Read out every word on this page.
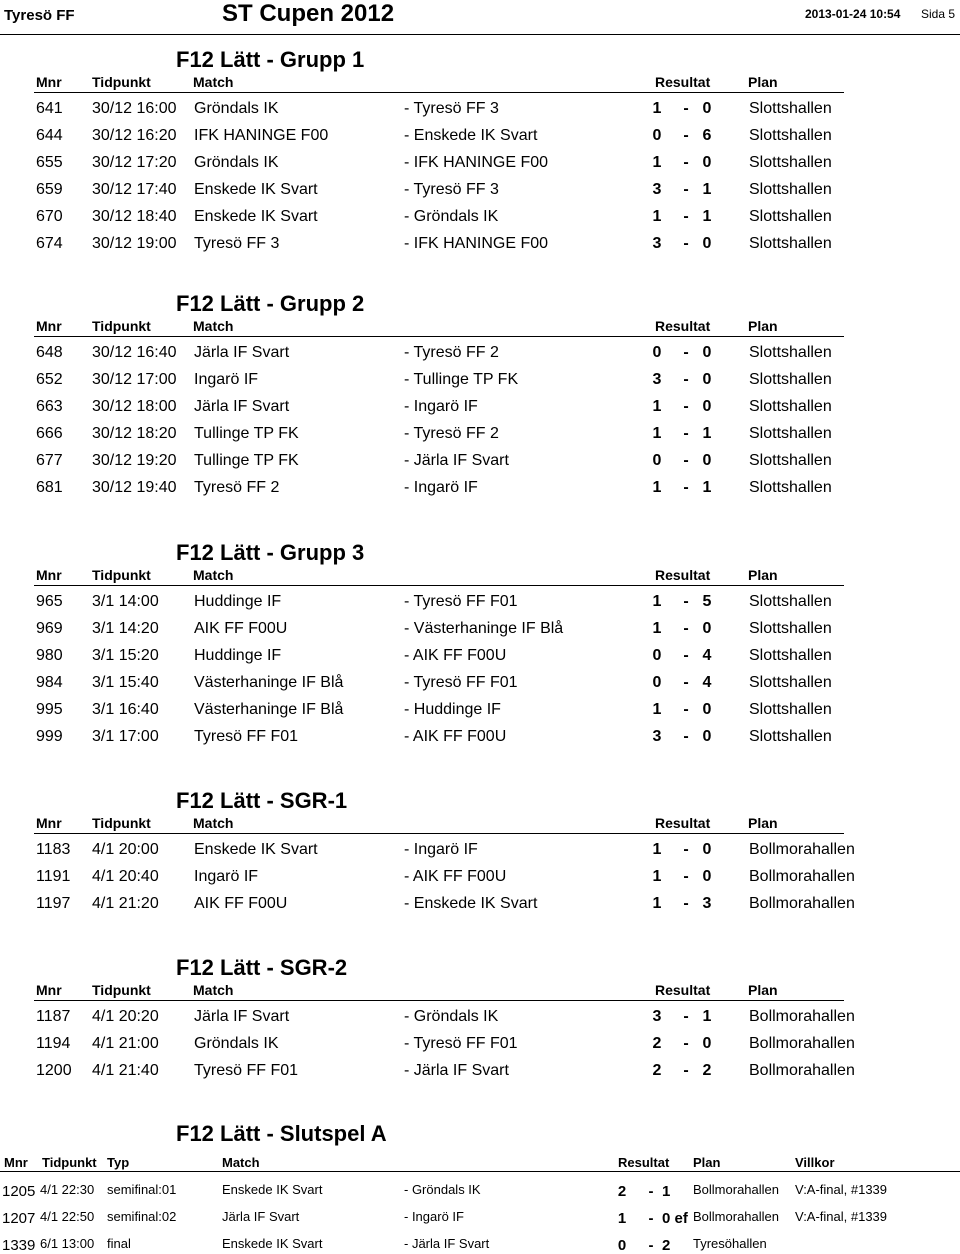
Tyresö FF	ST Cupen 2012	2013-01-24 10:54 Sida 5
F12 Lätt - Grupp 1
Mnr Tidpunkt	Match	Resultat	Plan
641 30/12 16:00 Gröndals IK	- Tyresö FF 3	1 - 0 Slottshallen
644 30/12 16:20 IFK HANINGE F00	- Enskede IK Svart	0 - 6 Slottshallen
655 30/12 17:20 Gröndals IK	- IFK HANINGE F00	1 - 0 Slottshallen
659 30/12 17:40 Enskede IK Svart	- Tyresö FF 3	3 - 1 Slottshallen
670 30/12 18:40 Enskede IK Svart	- Gröndals IK	1 - 1 Slottshallen
674 30/12 19:00 Tyresö FF 3	- IFK HANINGE F00	3 - 0 Slottshallen
F12 Lätt - Grupp 2
Mnr Tidpunkt	Match	Resultat	Plan
648 30/12 16:40 Järla IF Svart	- Tyresö FF 2	0 - 0 Slottshallen
652 30/12 17:00 Ingarö IF	- Tullinge TP FK	3 - 0 Slottshallen
663 30/12 18:00 Järla IF Svart	- Ingarö IF	1 - 0 Slottshallen
666 30/12 18:20 Tullinge TP FK	- Tyresö FF 2	1 - 1 Slottshallen
677 30/12 19:20 Tullinge TP FK	- Järla IF Svart	0 - 0 Slottshallen
681 30/12 19:40 Tyresö FF 2	- Ingarö IF	1 - 1 Slottshallen
F12 Lätt - Grupp 3
Mnr Tidpunkt	Match	Resultat	Plan
965 3/1 14:00 Huddinge IF	- Tyresö FF F01	1 - 5 Slottshallen
969 3/1 14:20 AIK FF F00U	- Västerhaninge IF Blå	1 - 0 Slottshallen
980 3/1 15:20 Huddinge IF	- AIK FF F00U	0 - 4 Slottshallen
984 3/1 15:40 Västerhaninge IF Blå	- Tyresö FF F01	0 - 4 Slottshallen
995 3/1 16:40 Västerhaninge IF Blå	- Huddinge IF	1 - 0 Slottshallen
999 3/1 17:00 Tyresö FF F01	- AIK FF F00U	3 - 0 Slottshallen
F12 Lätt - SGR-1
Mnr Tidpunkt	Match	Resultat	Plan
1183 4/1 20:00 Enskede IK Svart	- Ingarö IF	1 - 0 Bollmorahallen
1191 4/1 20:40 Ingarö IF	- AIK FF F00U	1 - 0 Bollmorahallen
1197 4/1 21:20 AIK FF F00U	- Enskede IK Svart	1 - 3 Bollmorahallen
F12 Lätt - SGR-2
Mnr Tidpunkt	Match	Resultat	Plan
1187 4/1 20:20 Järla IF Svart	- Gröndals IK	3 - 1 Bollmorahallen
1194 4/1 21:00 Gröndals IK	- Tyresö FF F01	2 - 0 Bollmorahallen
1200 4/1 21:40 Tyresö FF F01	- Järla IF Svart	2 - 2 Bollmorahallen
F12 Lätt - Slutspel A
Mnr Tidpunkt Typ	Match	Resultat Plan	Villkor
1205 4/1 22:30 semifinal:01	Enskede IK Svart	- Gröndals IK	2 - 1 Bollmorahallen V:A-final, #1339
1207 4/1 22:50 semifinal:02	Järla IF Svart	- Ingarö IF	1 - 0 ef Bollmorahallen V:A-final, #1339
1339 6/1 13:00 final	Enskede IK Svart	- Järla IF Svart	0 - 2 Tyresöhallen
